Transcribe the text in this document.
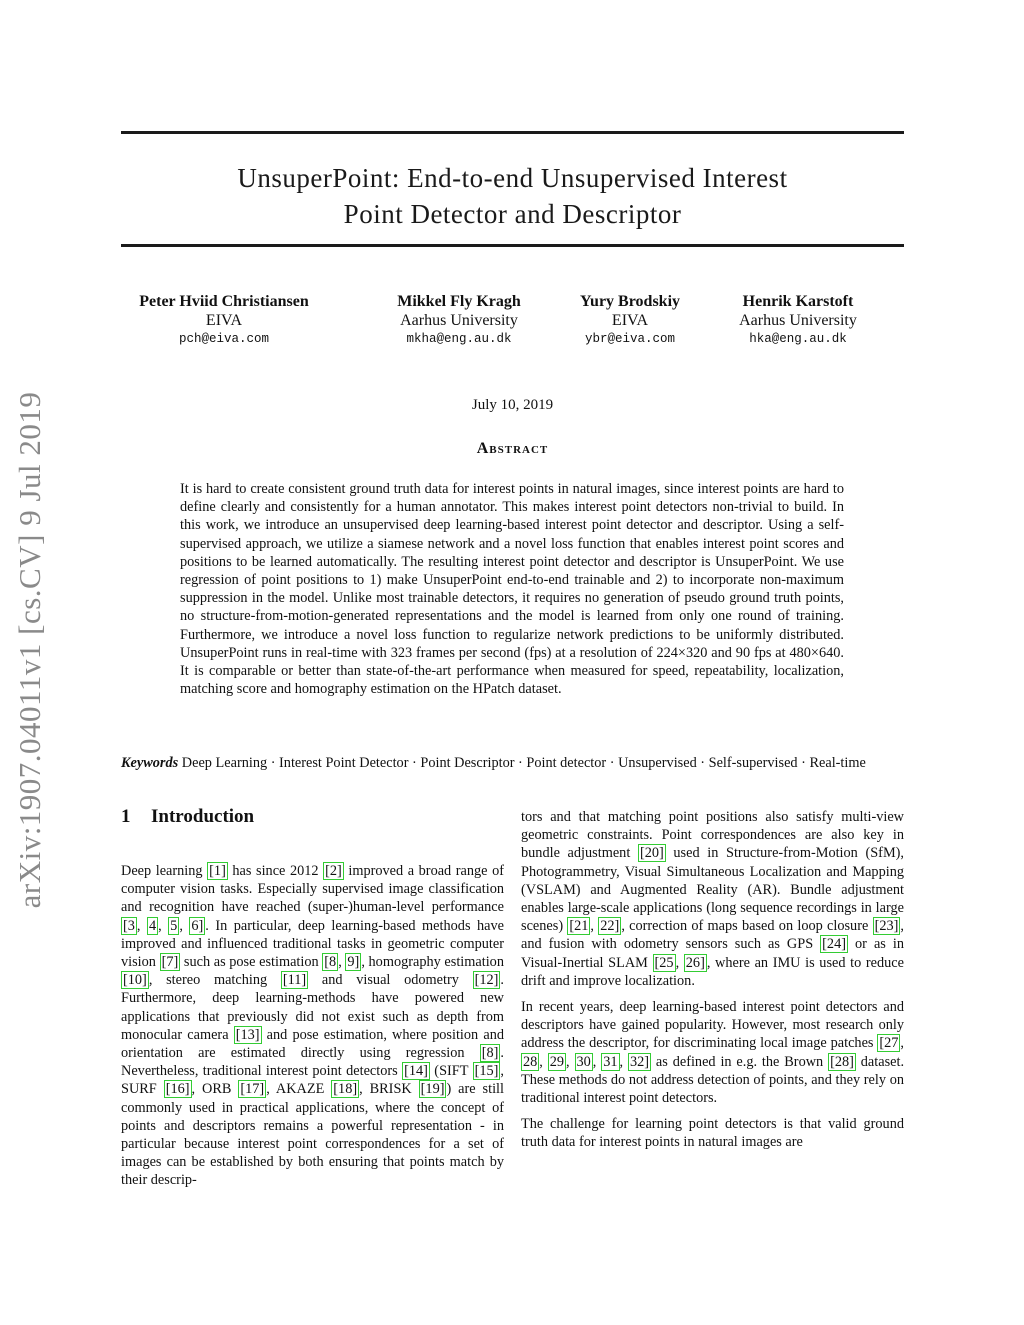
arXiv:1907.04011v1 [cs.CV] 9 Jul 2019
UnsuperPoint: End-to-end Unsupervised Interest
Point Detector and Descriptor
Peter Hviid Christiansen
EIVA
pch@eiva.com
Mikkel Fly Kragh
Aarhus University
mkha@eng.au.dk
Yury Brodskiy
EIVA
ybr@eiva.com
Henrik Karstoft
Aarhus University
hka@eng.au.dk
July 10, 2019
Abstract
It is hard to create consistent ground truth data for interest points in natural images, since interest points are hard to define clearly and consistently for a human annotator. This makes interest point detectors non-trivial to build. In this work, we introduce an unsupervised deep learning-based interest point detector and descriptor. Using a self-supervised approach, we utilize a siamese network and a novel loss function that enables interest point scores and positions to be learned automatically. The resulting interest point detector and descriptor is UnsuperPoint. We use regression of point positions to 1) make UnsuperPoint end-to-end trainable and 2) to incorporate non-maximum suppression in the model. Unlike most trainable detectors, it requires no generation of pseudo ground truth points, no structure-from-motion-generated representations and the model is learned from only one round of training. Furthermore, we introduce a novel loss function to regularize network predictions to be uniformly distributed. UnsuperPoint runs in real-time with 323 frames per second (fps) at a resolution of 224×320 and 90 fps at 480×640. It is comparable or better than state-of-the-art performance when measured for speed, repeatability, localization, matching score and homography estimation on the HPatch dataset.
Keywords Deep Learning · Interest Point Detector · Point Descriptor · Point detector · Unsupervised · Self-supervised · Real-time
1 Introduction

Deep learning [1] has since 2012 [2] improved a broad range of computer vision tasks. Especially supervised image classification and recognition have reached (super-)human-level performance [3 , 4 , 5 , 6] . In particular, deep learning-based methods have improved and influenced traditional tasks in geometric computer vision [7] such as pose estimation [8 , 9] , homography estimation [10] , stereo matching [11] and visual odometry [12] . Furthermore, deep learning-methods have powered new applications that previously did not exist such as depth from monocular camera [13] and pose estimation, where position and orientation are estimated directly using regression [8] . Nevertheless, traditional interest point detectors [14] (SIFT [15] , SURF [16] , ORB [17] , AKAZE [18] , BRISK [19] ) are still commonly used in practical applications, where the concept of points and descriptors remains a powerful representation - in particular because interest point correspondences for a set of images can be established by both ensuring that points match by their descrip-

tors and that matching point positions also satisfy multi-view geometric constraints. Point correspondences are also key in bundle adjustment [20] used in Structure-from-Motion (SfM), Photogrammetry, Visual Simultaneous Localization and Mapping (VSLAM) and Augmented Reality (AR). Bundle adjustment enables large-scale applications (long sequence recordings in large scenes) [21 , 22] , correction of maps based on loop closure [23] , and fusion with odometry sensors such as GPS [24] or as in Visual-Inertial SLAM [25 , 26] , where an IMU is used to reduce drift and improve localization.

In recent years, deep learning-based interest point detectors and descriptors have gained popularity. However, most research only address the descriptor, for discriminating local image patches [27 , 28 , 29 , 30 , 31 , 32] as defined in e.g. the Brown [28] dataset. These methods do not address detection of points, and they rely on traditional interest point detectors.

The challenge for learning point detectors is that valid ground truth data for interest points in natural images are
